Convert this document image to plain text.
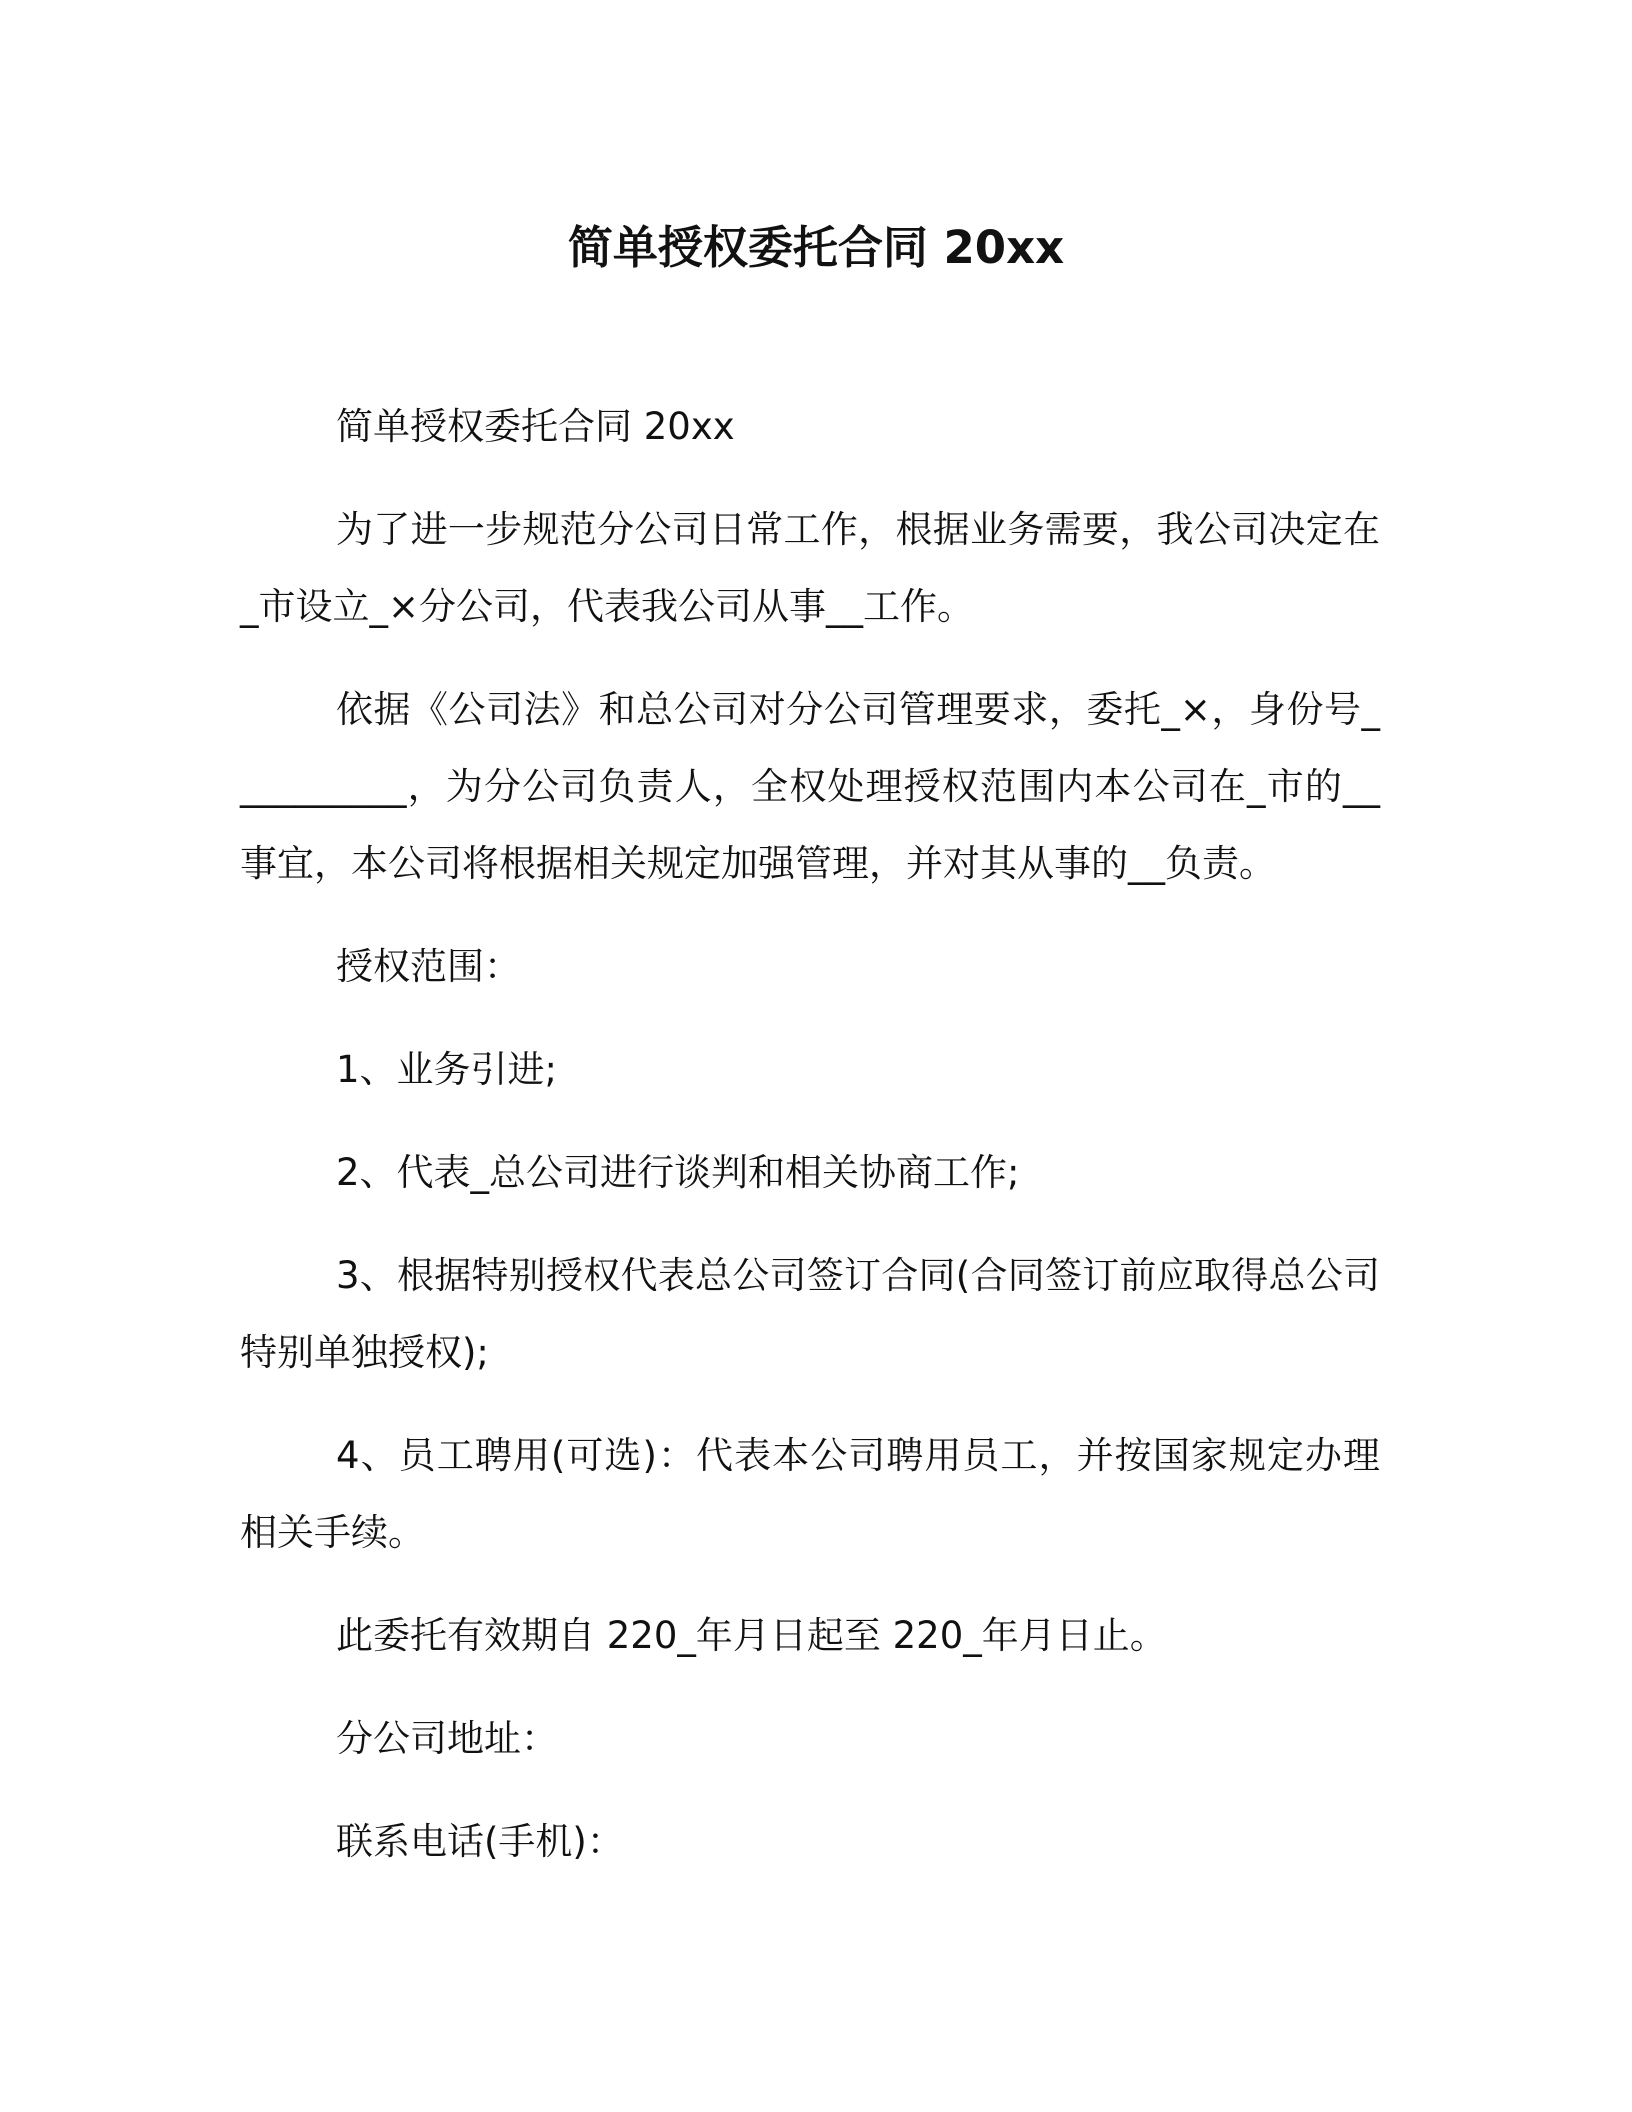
简单授权委托合同 20xx

简单授权委托合同 20xx

为了进一步规范分公司日常工作，根据业务需要，我公司决定在_市设立_×分公司，代表我公司从事__工作。

依据《公司法》和总公司对分公司管理要求，委托_×，身份号__________，为分公司负责人，全权处理授权范围内本公司在_市的__事宜，本公司将根据相关规定加强管理，并对其从事的__负责。

授权范围：

1、业务引进;

2、代表_总公司进行谈判和相关协商工作;

3、根据特别授权代表总公司签订合同(合同签订前应取得总公司特别单独授权);

4、员工聘用(可选)：代表本公司聘用员工，并按国家规定办理相关手续。

此委托有效期自 220_年月日起至 220_年月日止。

分公司地址：

联系电话(手机)：
